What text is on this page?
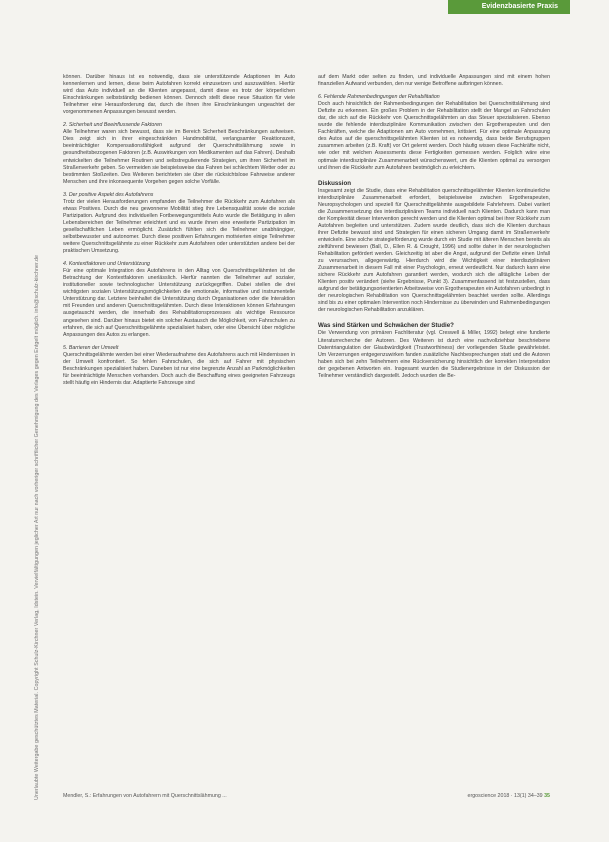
Evidenzbasierte Praxis
Unerlaubte Weitergabe geschütztes Material. Copyright Schulz-Kirchner Verlag, Idstein. Vervielfältigungen jeglicher Art nur nach vorheriger schriftlicher Genehmigung des Verlages gegen Entgelt möglich. info@schulz-kirchner.de

können. Darüber hinaus ist es notwendig, dass sie unterstützende Adaptionen im Auto kennenlernen und lernen, diese beim Autofahren korrekt einzusetzen und auszuwählen. Hierfür wird das Auto individuell an die Klienten angepasst, damit diese es trotz der körperlichen Einschränkungen selbstständig bedienen können. Dennoch stellt diese neue Situation für viele Teilnehmer eine Herausforderung dar, durch die ihnen ihre Einschränkungen ungeachtet der vorgenommenen Anpassungen bewusst werden.

2. Sicherheit und Beeinflussende Faktoren

Alle Teilnehmer waren sich bewusst, dass sie im Bereich Sicherheit Beschränkungen aufweisen. Dies zeigt sich in ihrer eingeschränkten Handmobilität, verlangsamter Reaktionszeit, beeinträchtigter Kompensationsfähigkeit aufgrund der Querschnittslähmung sowie in gesundheitsbezogenen Faktoren (z.B. Auswirkungen von Medikamenten auf das Fahren). Deshalb entwickelten die Teilnehmer Routinen und selbstregulierende Strategien, um ihren Sicherheit im Straßenverkehr geben. So vermeiden sie beispielsweise das Fahren bei schlechtem Wetter oder zu bestimmten Stoßzeiten. Des Weiteren berichteten sie über die rücksichtslose Fahrweise anderer Menschen und ihre inkonsequente Vorgehen gegen solche Vorfälle.

3. Der positive Aspekt des Autofahrens

Trotz der vielen Herausforderungen empfanden die Teilnehmer die Rückkehr zum Autofahren als etwas Positives. Durch die neu gewonnene Mobilität stieg ihre Lebensqualität sowie die soziale Partizipation. Aufgrund des individuellen Fortbewegungsmittels Auto wurde die Betätigung in allen Lebensbereichen der Teilnehmer erleichtert und es wurde ihnen eine erweiterte Partizipation im gesellschaftlichen Leben ermöglicht. Zusätzlich fühlten sich die Teilnehmer unabhängiger, selbstbewusster und autonomer. Durch diese positiven Erfahrungen motivierten einige Teilnehmer weitere Querschnittsgelähmte zu einer Rückkehr zum Autofahren oder unterstützten andere bei der praktischen Umsetzung.

4. Kontextfaktoren und Unterstützung

Für eine optimale Integration des Autofahrens in den Alltag von Querschnittsgelähmten ist die Betrachtung der Kontextfaktoren unerlässlich. Hierfür nannten die Teilnehmer auf sozialer, institutioneller sowie technologischer Unterstützung zurückgegriffen. Dabei stellen die drei wichtigsten sozialen Unterstützungsmöglichkeiten die emotionale, informative und instrumentelle Unterstützung dar. Letztere beinhaltet die Unterstützung durch Organisationen oder die Interaktion mit Freunden und anderen Querschnittsgelähmten. Durch diese Interaktionen können Erfahrungen ausgetauscht werden, die innerhalb des Rehabilitationsprozesses als wichtige Ressource angesehen sind. Darüber hinaus bietet ein solcher Austausch die Möglichkeit, von Fahrschulen zu erfahren, die sich auf Querschnittsgelähmte spezialisiert haben, oder eine Übersicht über mögliche Anpassungen des Autos zu erlangen.

5. Barrieren der Umwelt

Querschnittsgelähmte werden bei einer Wiederaufnahme des Autofahrens auch mit Hindernissen in der Umwelt konfrontiert. So fehlen Fahrschulen, die sich auf Fahrer mit physischen Beschränkungen spezialisiert haben. Daneben ist nur eine begrenzte Anzahl an Parkmöglichkeiten für beeinträchtigte Menschen vorhanden. Doch auch die Beschaffung eines geeigneten Fahrzeugs stellt häufig ein Hindernis dar. Adaptierte Fahrzeuge sind

auf dem Markt oder selten zu finden, und individuelle Anpassungen sind mit einem hohen finanziellen Aufwand verbunden, den nur wenige Betroffene aufbringen können.

6. Fehlende Rahmenbedingungen der Rehabilitation

Doch auch hinsichtlich der Rahmenbedingungen der Rehabilitation bei Querschnittslähmung sind Defizite zu erkennen. Ein großes Problem in der Rehabilitation stellt der Mangel an Fahrschulen dar, die sich auf die Rückkehr von Querschnittsgelähmten an das Steuer spezialisieren. Ebenso wurde die fehlende interdisziplinäre Kommunikation zwischen den Ergotherapeuten und den Fachkräften, welche die Adaptionen am Auto vornehmen, kritisiert. Für eine optimale Anpassung des Autos auf die querschnittsgelähmten Klienten ist es notwendig, dass beide Berufsgruppen zusammen arbeiten (z.B. Kraft) vor Ort gelernt werden. Doch häufig wissen diese Fachkräfte nicht, wie oder mit welchen Assessments diese Fertigkeiten gemessen werden. Folglich wäre eine optimale interdisziplinäre Zusammenarbeit wünschenswert, um die Klienten optimal zu versorgen und ihnen die Rückkehr zum Autofahren bestmöglich zu erleichtern.

Diskussion

Insgesamt zeigt die Studie, dass eine Rehabilitation querschnittsgelähmter Klienten kontinuierliche interdisziplinäre Zusammenarbeit erfordert, beispielsweise zwischen Ergotherapeuten, Neuropsychologen und speziell für Querschnittgelähmte ausgebildete Fahrlehrern. Dabei variiert die Zusammensetzung des interdisziplinären Teams individuell nach Klienten. Dadurch kann man der Komplexität dieser Intervention gerecht werden und die Klienten optimal bei ihrer Rückkehr zum Autofahren begleiten und unterstützen. Zudem wurde deutlich, dass sich die Klienten durchaus ihrer Defizite bewusst sind und Strategien für einen sicheren Umgang damit im Straßenverkehr entwickeln. Eine solche strategieförderung wurde durch ein Studie mit älteren Menschen bereits als zielführend bewiesen (Ball, D., Ellen R. & Crought, 1996) und sollte daher in der neurologischen Rehabilitation gefördert werden. Gleichzeitig ist aber die Angst, aufgrund der Defizite einen Unfall zu verursachen, allgegenwärtig. Hierdurch wird die Wichtigkeit einer interdisziplinären Zusammenarbeit in diesem Fall mit einer Psychologin, erneut verdeutlicht. Nur dadurch kann eine sichere Rückkehr zum Autofahren garantiert werden, wodurch sich die alltägliche Leben der Klienten positiv verändert (siehe Ergebnisse, Punkt 3). Zusammenfassend ist festzustellen, dass aufgrund der betätigungsorientierten Arbeitsweise von Ergotherapeuten ein Autofahren unbedingt in der neurologischen Rehabilitation von Querschnittsgelähmten beachtet werden sollte. Allerdings sind bis zu einer optimalen Intervention noch Hindernisse zu überwinden und Rahmenbedingungen der neurologischen Rehabilitation anzuklären.

Was sind Stärken und Schwächen der Studie?

Die Verwendung von primären Fachliteratur (vgl. Creswell & Miller, 1992) belegt eine fundierte Literaturrecherche der Autoren. Des Weiteren ist durch eine nachvollziehbar beschriebene Datentriangulation der Glaubwürdigkeit (Trustworthiness) der vorliegenden Studie gewährleistet. Um Verzerrungen entgegenzuwirken fanden zusätzliche Nachbesprechungen statt und die Autoren haben sich bei zehn Teilnehmern eine Rückversicherung hinsichtlich der korrekten Interpretation der gegebenen Antworten ein. Insgesamt wurden die Studienergebnisse in der Diskussion der Teilnehmer verständlich dargestellt. Jedoch wurden die Be-

Mendler, S.: Erfahrungen von Autofahrern mit Querschnittslähmung ...	ergoscience 2018 · 13(1) 34–39 35
